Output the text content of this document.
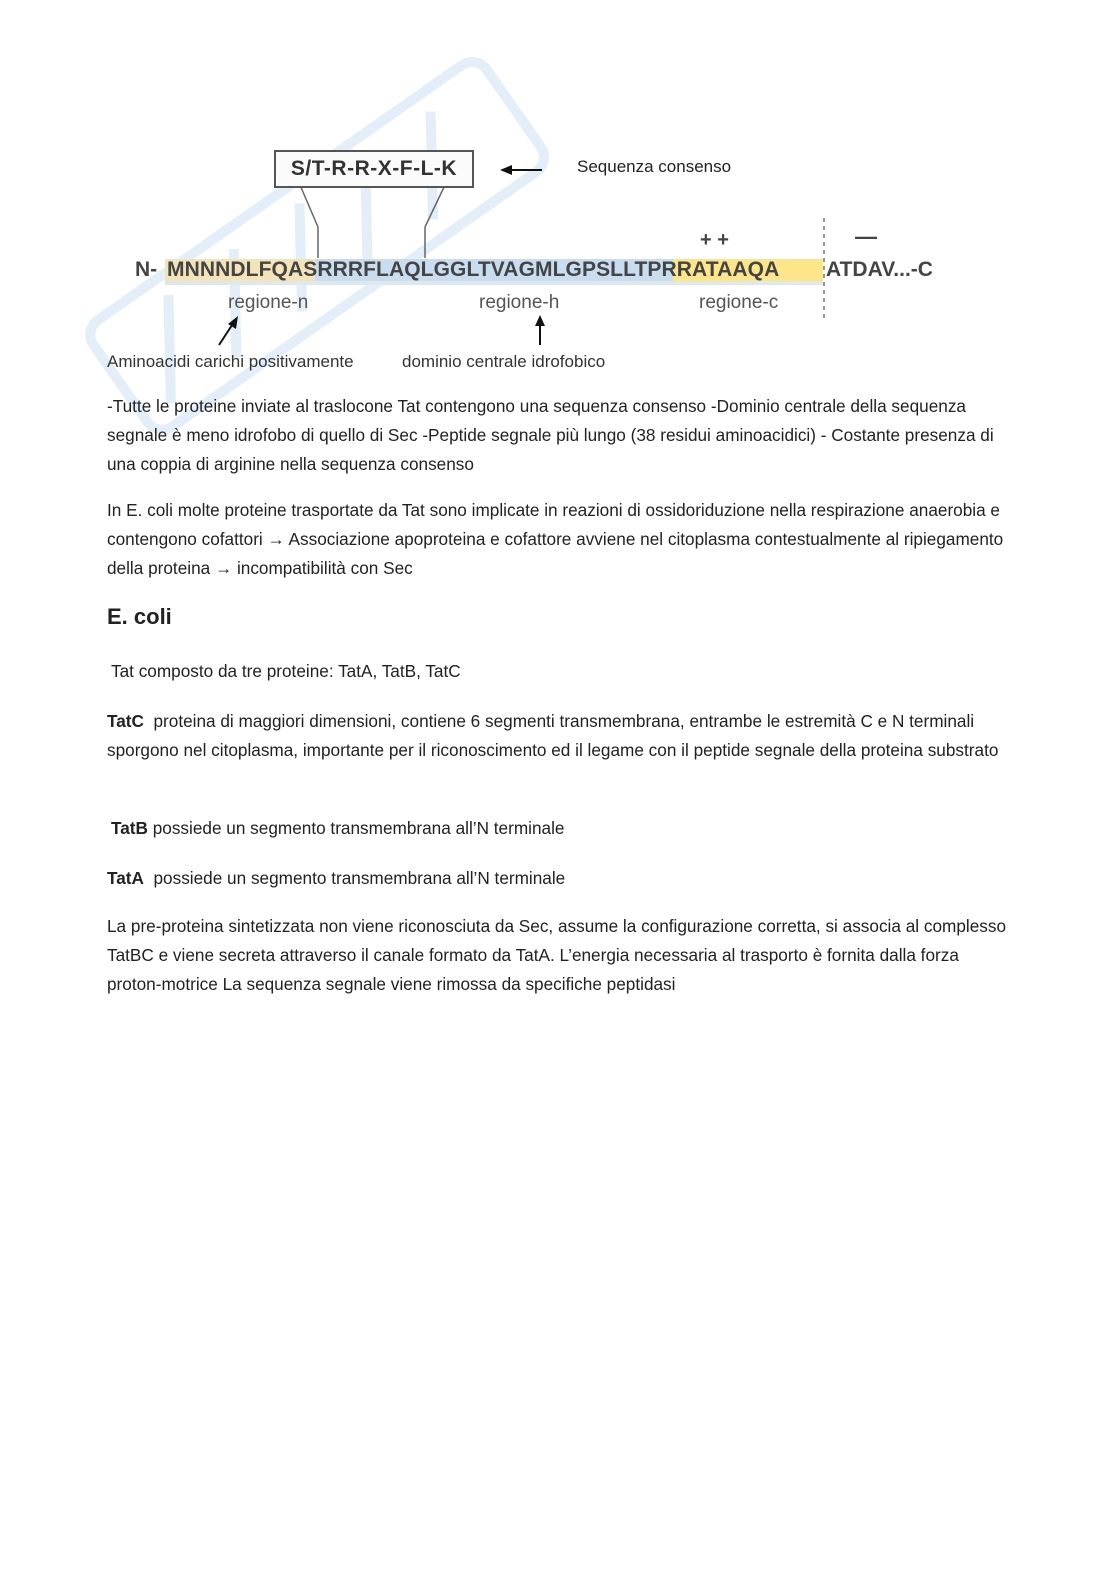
S/T-R-R-X-F-L-K	Sequenza consenso
+ +	—
N- MNNNDLFQASRRRFLAQLGGLTVAGMLGPSLLTPRRATAAQA	ATDAV...-C
regione-n	regione-h	regione-c
Aminoacidi carichi positivamente	dominio centrale idrofobico
-Tutte le proteine inviate al traslocone Tat contengono una sequenza consenso -Dominio centrale della sequenza segnale è meno idrofobo di quello di Sec -Peptide segnale più lungo (38 residui aminoacidici) - Costante presenza di una coppia di arginine nella sequenza consenso
In E. coli molte proteine trasportate da Tat sono implicate in reazioni di ossidoriduzione nella respirazione anaerobia e contengono cofattori → Associazione apoproteina e cofattore avviene nel citoplasma contestualmente al ripiegamento della proteina → incompatibilità con Sec
E. coli
Tat composto da tre proteine: TatA, TatB, TatC
TatC proteina di maggiori dimensioni, contiene 6 segmenti transmembrana, entrambe le estremità C e N terminali sporgono nel citoplasma, importante per il riconoscimento ed il legame con il peptide segnale della proteina substrato
TatB possiede un segmento transmembrana all’N terminale
TatA possiede un segmento transmembrana all’N terminale
La pre-proteina sintetizzata non viene riconosciuta da Sec, assume la configurazione corretta, si associa al complesso TatBC e viene secreta attraverso il canale formato da TatA. L’energia necessaria al trasporto è fornita dalla forza proton-motrice La sequenza segnale viene rimossa da specifiche peptidasi
